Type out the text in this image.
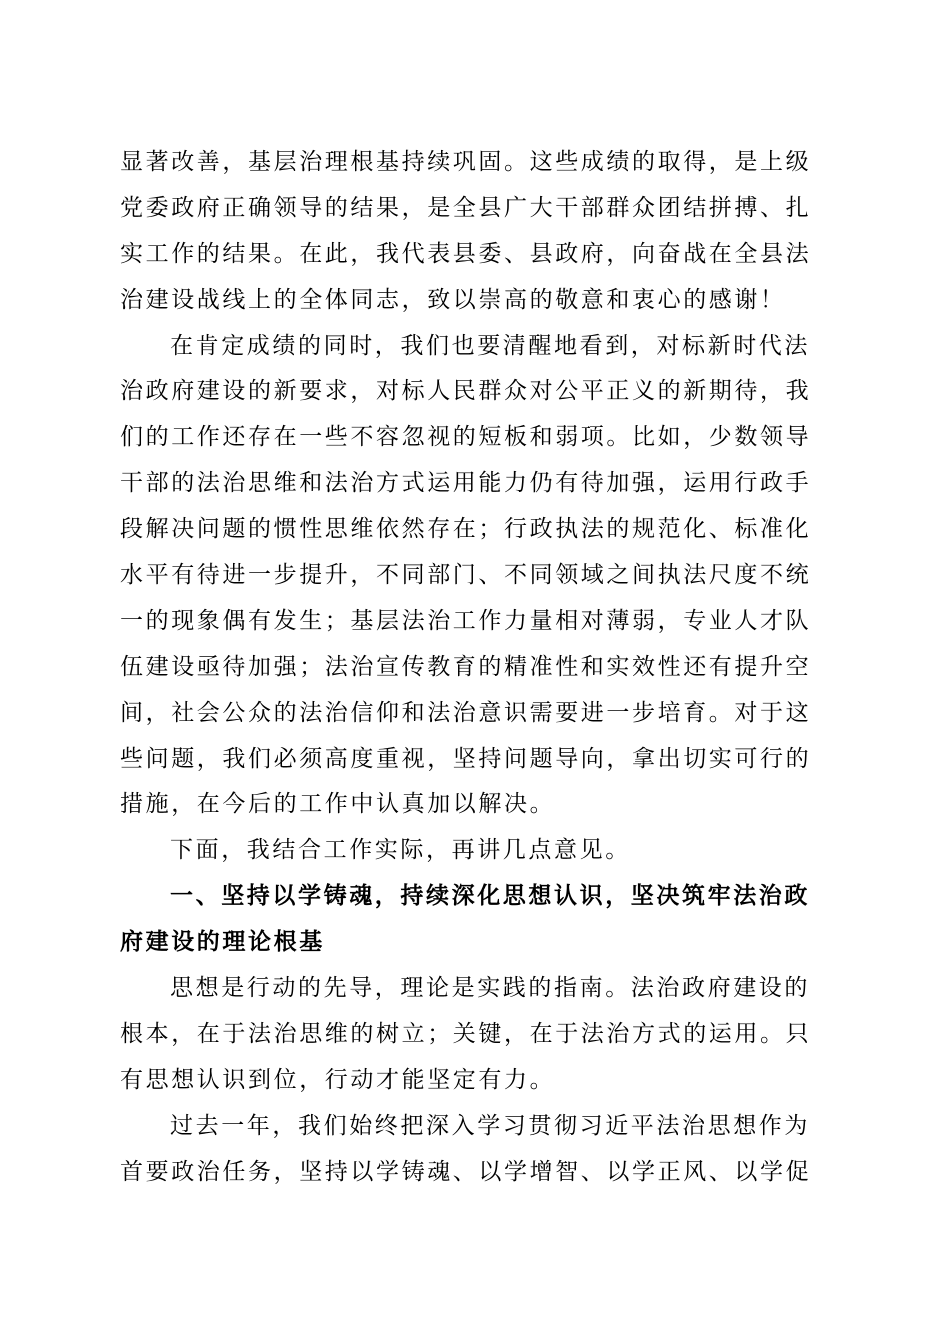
显著改善，基层治理根基持续巩固。这些成绩的取得，是上级
党委政府正确领导的结果，是全县广大干部群众团结拼搏、扎
实工作的结果。在此，我代表县委、县政府，向奋战在全县法
治建设战线上的全体同志，致以崇高的敬意和衷心的感谢！
在肯定成绩的同时，我们也要清醒地看到，对标新时代法
治政府建设的新要求，对标人民群众对公平正义的新期待，我
们的工作还存在一些不容忽视的短板和弱项。比如，少数领导
干部的法治思维和法治方式运用能力仍有待加强，运用行政手
段解决问题的惯性思维依然存在；行政执法的规范化、标准化
水平有待进一步提升，不同部门、不同领域之间执法尺度不统
一的现象偶有发生；基层法治工作力量相对薄弱，专业人才队
伍建设亟待加强；法治宣传教育的精准性和实效性还有提升空
间，社会公众的法治信仰和法治意识需要进一步培育。对于这
些问题，我们必须高度重视，坚持问题导向，拿出切实可行的
措施，在今后的工作中认真加以解决。
下面，我结合工作实际，再讲几点意见。
一、坚持以学铸魂，持续深化思想认识，坚决筑牢法治政
府建设的理论根基
思想是行动的先导，理论是实践的指南。法治政府建设的
根本，在于法治思维的树立；关键，在于法治方式的运用。只
有思想认识到位，行动才能坚定有力。
过去一年，我们始终把深入学习贯彻习近平法治思想作为
首要政治任务，坚持以学铸魂、以学增智、以学正风、以学促
